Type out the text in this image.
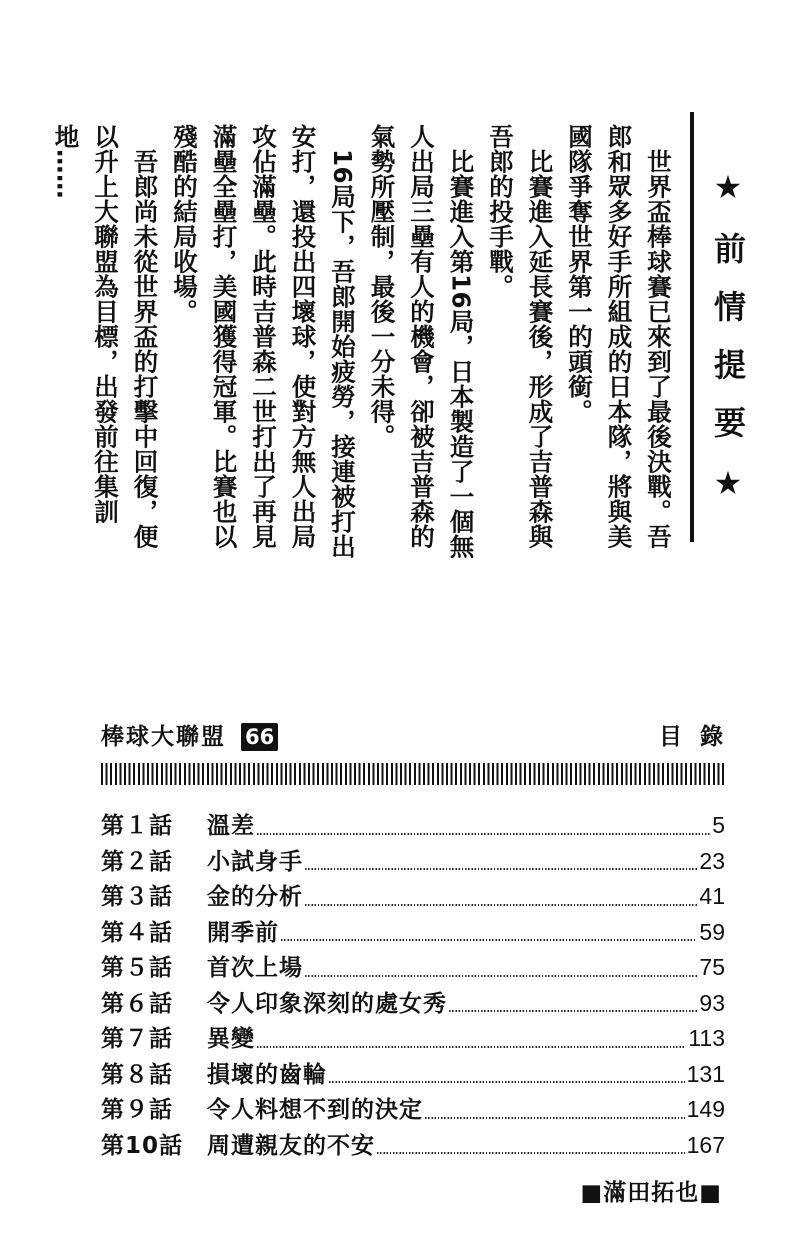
★前情提要★

世界盃棒球賽已來到了最後決戰。吾郎和眾多好手所組成的日本隊，將與美國隊爭奪世界第一的頭銜。

比賽進入延長賽後，形成了吉普森與吾郎的投手戰。

比賽進入第16局，日本製造了一個無人出局三壘有人的機會，卻被吉普森的氣勢所壓制，最後一分未得。

16局下，吾郎開始疲勞，接連被打出安打，還投出四壞球，使對方無人出局攻佔滿壘。此時吉普森二世打出了再見滿壘全壘打，美國獲得冠軍。比賽也以殘酷的結局收場。

吾郎尚未從世界盃的打擊中回復，便以升上大聯盟為目標，出發前往集訓地……

棒球大聯盟 66	目錄
第１話	溫差	5
第２話	小試身手	23
第３話	金的分析	41
第４話	開季前	59
第５話	首次上場	75
第６話	令人印象深刻的處女秀	93
第７話	異變	113
第８話	損壞的齒輪	131
第９話	令人料想不到的決定	149
第10話	周遭親友的不安	167
■滿田拓也■
